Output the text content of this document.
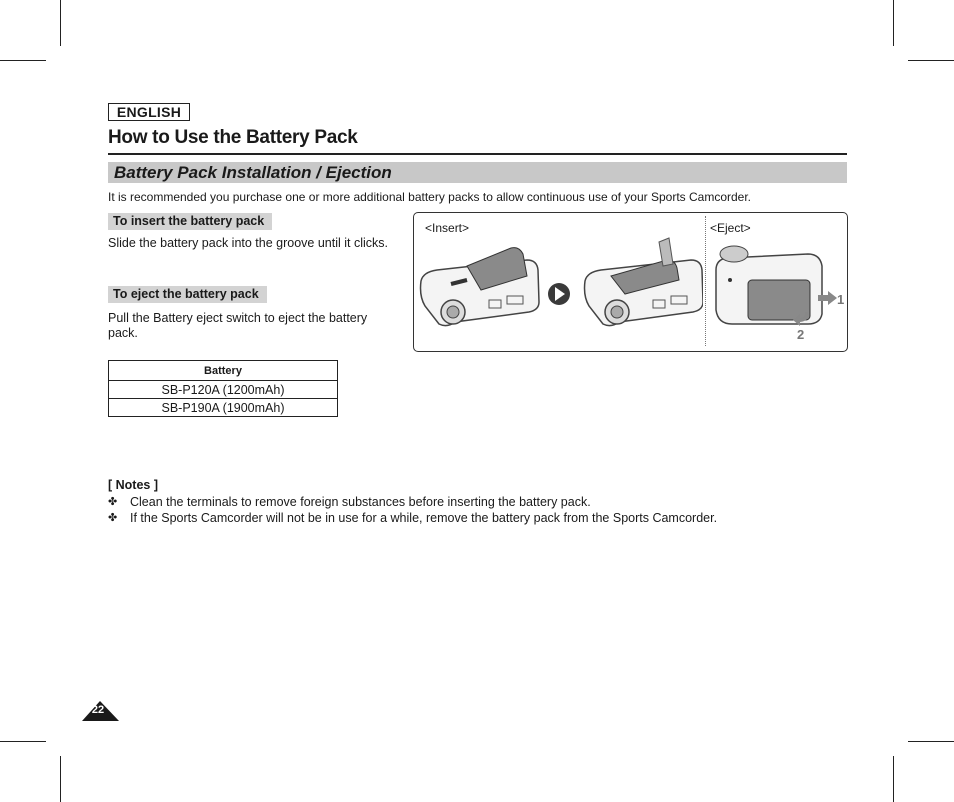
ENGLISH
How to Use the Battery Pack
Battery Pack Installation / Ejection
It is recommended you purchase one or more additional battery packs to allow continuous use of your Sports Camcorder.
To insert the battery pack
Slide the battery pack into the groove until it clicks.
To eject the battery pack
Pull the Battery eject switch to eject the battery
pack.
Battery
SB-P120A (1200mAh)
SB-P190A (1900mAh)
<Insert>	<Eject>
1
2
[ Notes ]
✤	Clean the terminals to remove foreign substances before inserting the battery pack.
✤	If the Sports Camcorder will not be in use for a while, remove the battery pack from the Sports Camcorder.
22
